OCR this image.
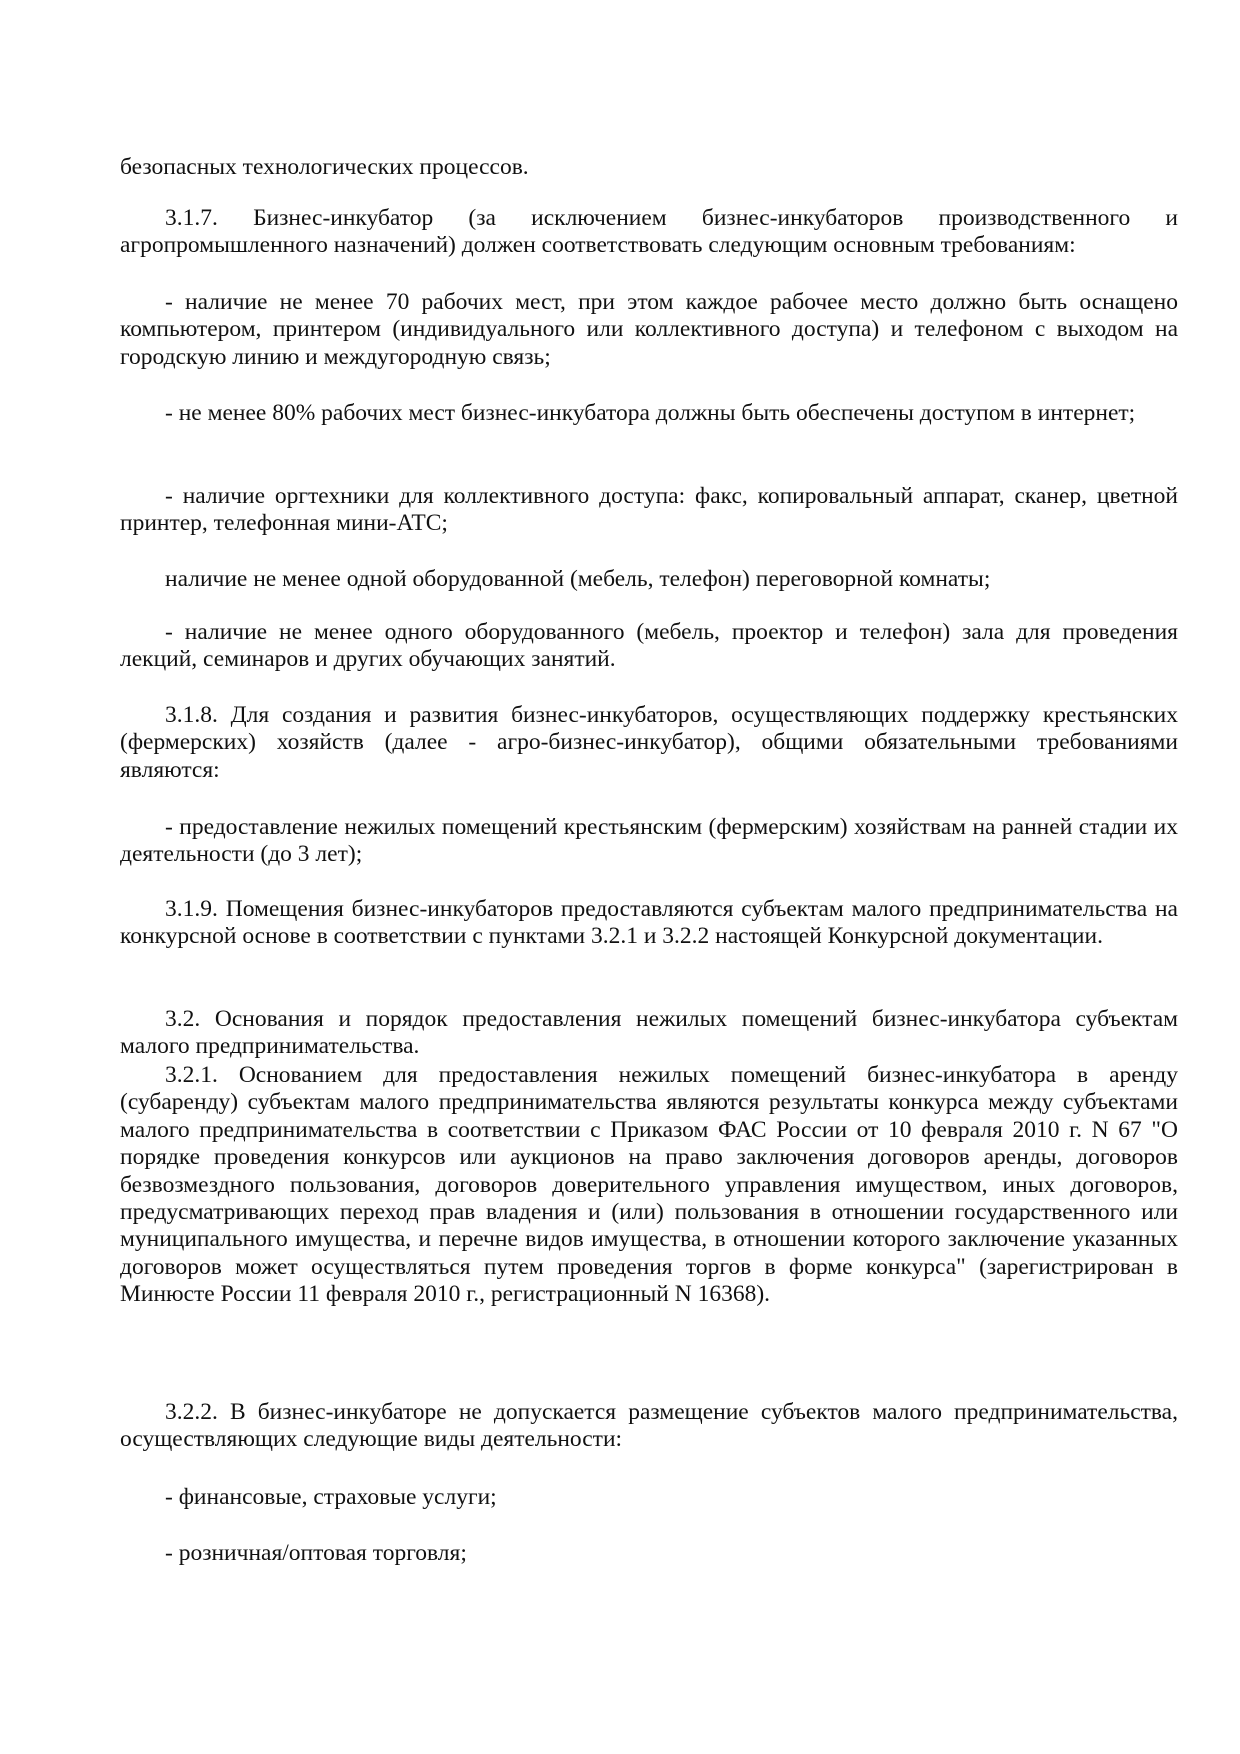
безопасных технологических процессов.

3.1.7. Бизнес-инкубатор (за исключением бизнес-инкубаторов производственного и агропромышленного назначений) должен соответствовать следующим основным требованиям:

- наличие не менее 70 рабочих мест, при этом каждое рабочее место должно быть оснащено компьютером, принтером (индивидуального или коллективного доступа) и телефоном с выходом на городскую линию и междугородную связь;

- не менее 80% рабочих мест бизнес-инкубатора должны быть обеспечены доступом в интернет;

- наличие оргтехники для коллективного доступа: факс, копировальный аппарат, сканер, цветной принтер, телефонная мини-АТС;

наличие не менее одной оборудованной (мебель, телефон) переговорной комнаты;

- наличие не менее одного оборудованного (мебель, проектор и телефон) зала для проведения лекций, семинаров и других обучающих занятий.

3.1.8. Для создания и развития бизнес-инкубаторов, осуществляющих поддержку крестьянских (фермерских) хозяйств (далее - агро-бизнес-инкубатор), общими обязательными требованиями являются:

- предоставление нежилых помещений крестьянским (фермерским) хозяйствам на ранней стадии их деятельности (до 3 лет);

3.1.9. Помещения бизнес-инкубаторов предоставляются субъектам малого предпринимательства на конкурсной основе в соответствии с пунктами 3.2.1 и 3.2.2 настоящей Конкурсной документации.

3.2. Основания и порядок предоставления нежилых помещений бизнес-инкубатора субъектам малого предпринимательства.

3.2.1. Основанием для предоставления нежилых помещений бизнес-инкубатора в аренду (субаренду) субъектам малого предпринимательства являются результаты конкурса между субъектами малого предпринимательства в соответствии с Приказом ФАС России от 10 февраля 2010 г. N 67 "О порядке проведения конкурсов или аукционов на право заключения договоров аренды, договоров безвозмездного пользования, договоров доверительного управления имуществом, иных договоров, предусматривающих переход прав владения и (или) пользования в отношении государственного или муниципального имущества, и перечне видов имущества, в отношении которого заключение указанных договоров может осуществляться путем проведения торгов в форме конкурса" (зарегистрирован в Минюсте России 11 февраля 2010 г., регистрационный N 16368).

3.2.2. В бизнес-инкубаторе не допускается размещение субъектов малого предпринимательства, осуществляющих следующие виды деятельности:

- финансовые, страховые услуги;

- розничная/оптовая торговля;
